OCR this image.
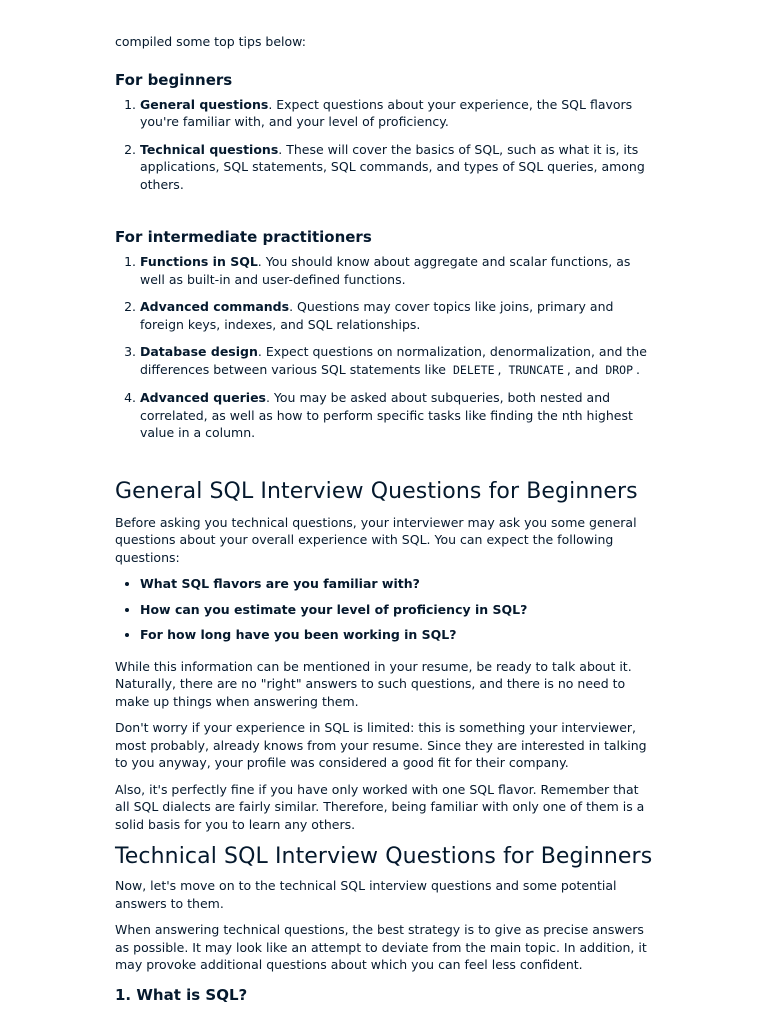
compiled some top tips below:

For beginners
1. General questions. Expect questions about your experience, the SQL flavors you're familiar with, and your level of proficiency.
2. Technical questions. These will cover the basics of SQL, such as what it is, its applications, SQL statements, SQL commands, and types of SQL queries, among others.
For intermediate practitioners
1. Functions in SQL. You should know about aggregate and scalar functions, as well as built-in and user-defined functions.
2. Advanced commands. Questions may cover topics like joins, primary and foreign keys, indexes, and SQL relationships.
3. Database design. Expect questions on normalization, denormalization, and the differences between various SQL statements like DELETE , TRUNCATE , and DROP .
4. Advanced queries. You may be asked about subqueries, both nested and correlated, as well as how to perform specific tasks like finding the nth highest value in a column.
General SQL Interview Questions for Beginners

Before asking you technical questions, your interviewer may ask you some general questions about your overall experience with SQL. You can expect the following questions:

• What SQL flavors are you familiar with?
• How can you estimate your level of proficiency in SQL?
• For how long have you been working in SQL?

While this information can be mentioned in your resume, be ready to talk about it. Naturally, there are no "right" answers to such questions, and there is no need to make up things when answering them.

Don't worry if your experience in SQL is limited: this is something your interviewer, most probably, already knows from your resume. Since they are interested in talking to you anyway, your profile was considered a good fit for their company.

Also, it's perfectly fine if you have only worked with one SQL flavor. Remember that all SQL dialects are fairly similar. Therefore, being familiar with only one of them is a solid basis for you to learn any others.

Technical SQL Interview Questions for Beginners

Now, let's move on to the technical SQL interview questions and some potential answers to them.

When answering technical questions, the best strategy is to give as precise answers as possible. It may look like an attempt to deviate from the main topic. In addition, it may provoke additional questions about which you can feel less confident.

1. What is SQL?
